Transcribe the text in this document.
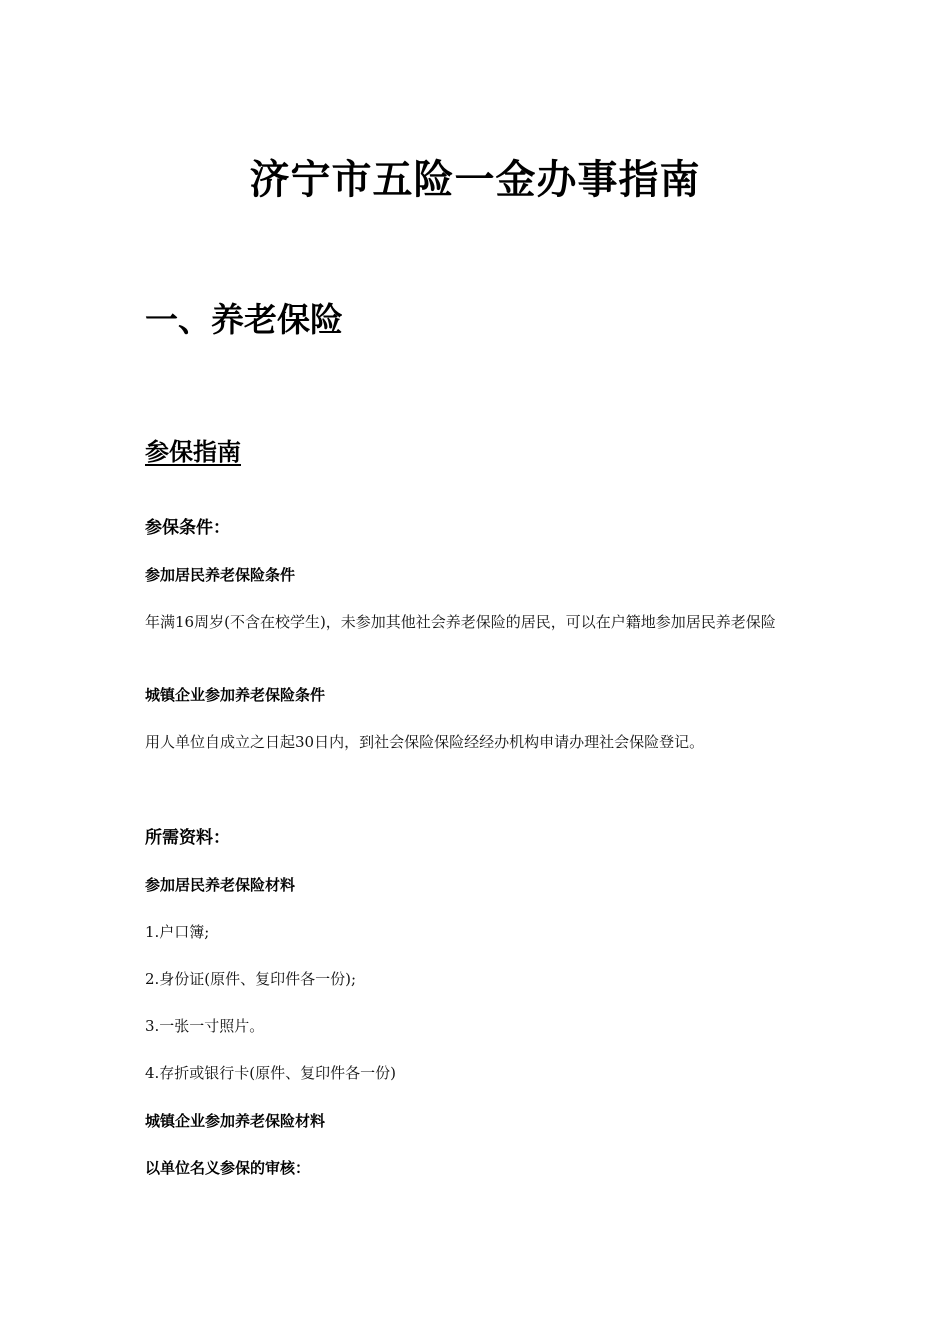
济宁市五险一金办事指南
一、养老保险
参保指南
参保条件：
参加居民养老保险条件
年满16周岁(不含在校学生)，未参加其他社会养老保险的居民，可以在户籍地参加居民养老保险
城镇企业参加养老保险条件
用人单位自成立之日起30日内，到社会保险保险经经办机构申请办理社会保险登记。
所需资料：
参加居民养老保险材料
1.户口簿;
2.身份证(原件、复印件各一份);
3.一张一寸照片。
4.存折或银行卡(原件、复印件各一份)
城镇企业参加养老保险材料
以单位名义参保的审核：
